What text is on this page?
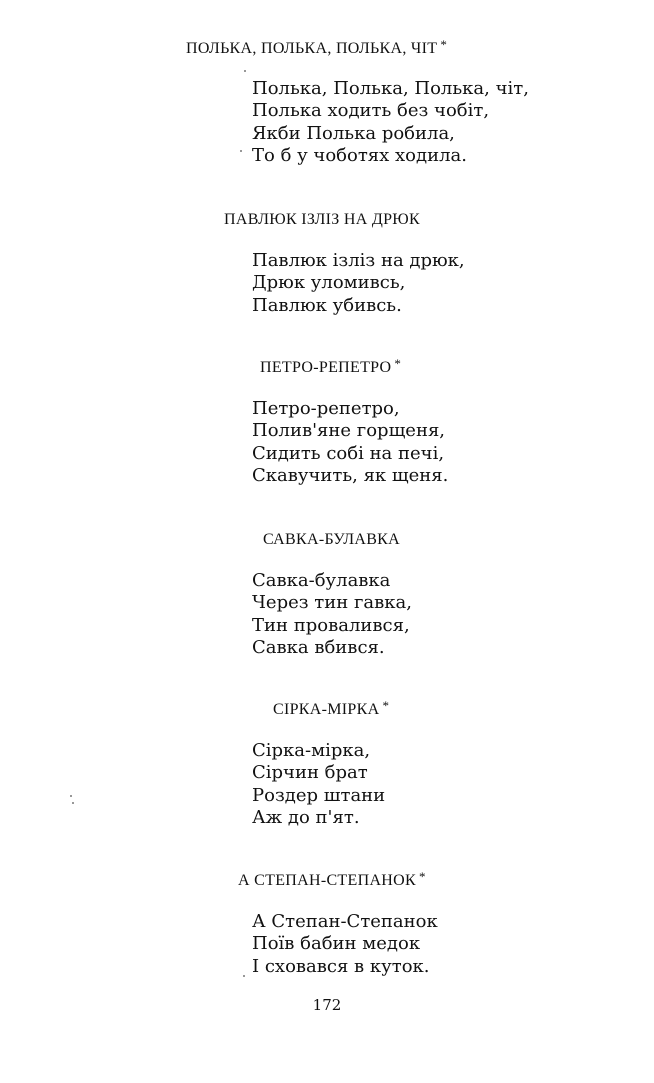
ПОЛЬКА, ПОЛЬКА, ПОЛЬКА, ЧІТ *
Полька, Полька, Полька, чіт,
Полька ходить без чобіт,
Якби Полька робила,
То б у чоботях ходила.
ПАВЛЮК ІЗЛІЗ НА ДРЮК
Павлюк ізліз на дрюк,
Дрюк уломивсь,
Павлюк убивсь.
ПЕТРО-РЕПЕТРО *
Петро-репетро,
Полив'яне горщеня,
Сидить собі на печі,
Скавучить, як щеня.
САВКА-БУЛАВКА
Савка-булавка
Через тин гавка,
Тин провалився,
Савка вбився.
СІРКА-МІРКА *
Сірка-мірка,
Сірчин брат
Роздер штани
Аж до п'ят.
А СТЕПАН-СТЕПАНОК *
А Степан-Степанок
Поїв бабин медок
І сховався в куток.
172
